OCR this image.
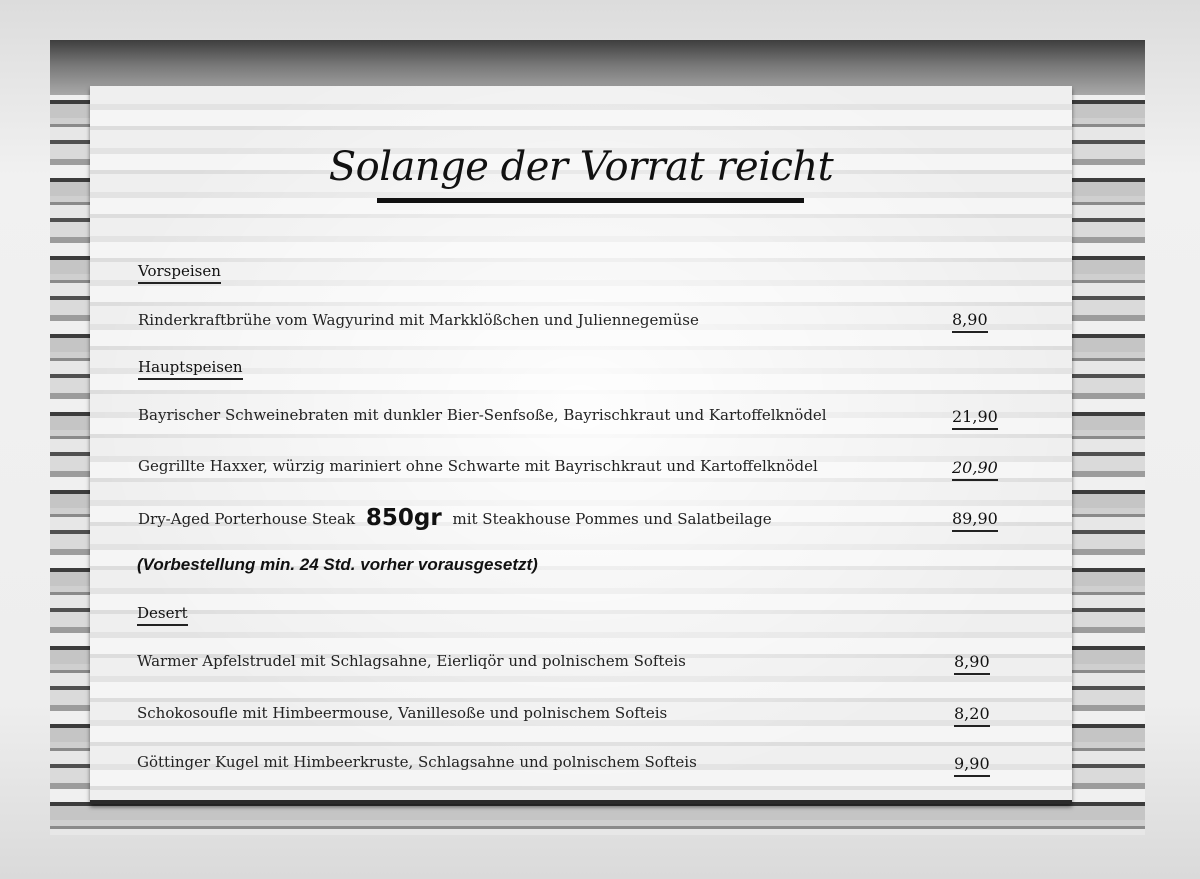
Solange der Vorrat reicht
Vorspeisen
Rinderkraftbrühe vom Wagyurind mit Markklößchen und Juliennegemüse	8,90
Hauptspeisen
Bayrischer Schweinebraten mit dunkler Bier-Senfsoße, Bayrischkraut und Kartoffelknödel	21,90
Gegrillte Haxxer, würzig mariniert ohne Schwarte mit Bayrischkraut und Kartoffelknödel	20,90
Dry-Aged Porterhouse Steak 850gr mit Steakhouse Pommes und Salatbeilage	89,90
(Vorbestellung min. 24 Std. vorher vorausgesetzt)
Desert
Warmer Apfelstrudel mit Schlagsahne, Eierliqör und polnischem Softeis	8,90
Schokosoufle mit Himbeermouse, Vanillesoße und polnischem Softeis	8,20
Göttinger Kugel mit Himbeerkruste, Schlagsahne und polnischem Softeis	9,90
